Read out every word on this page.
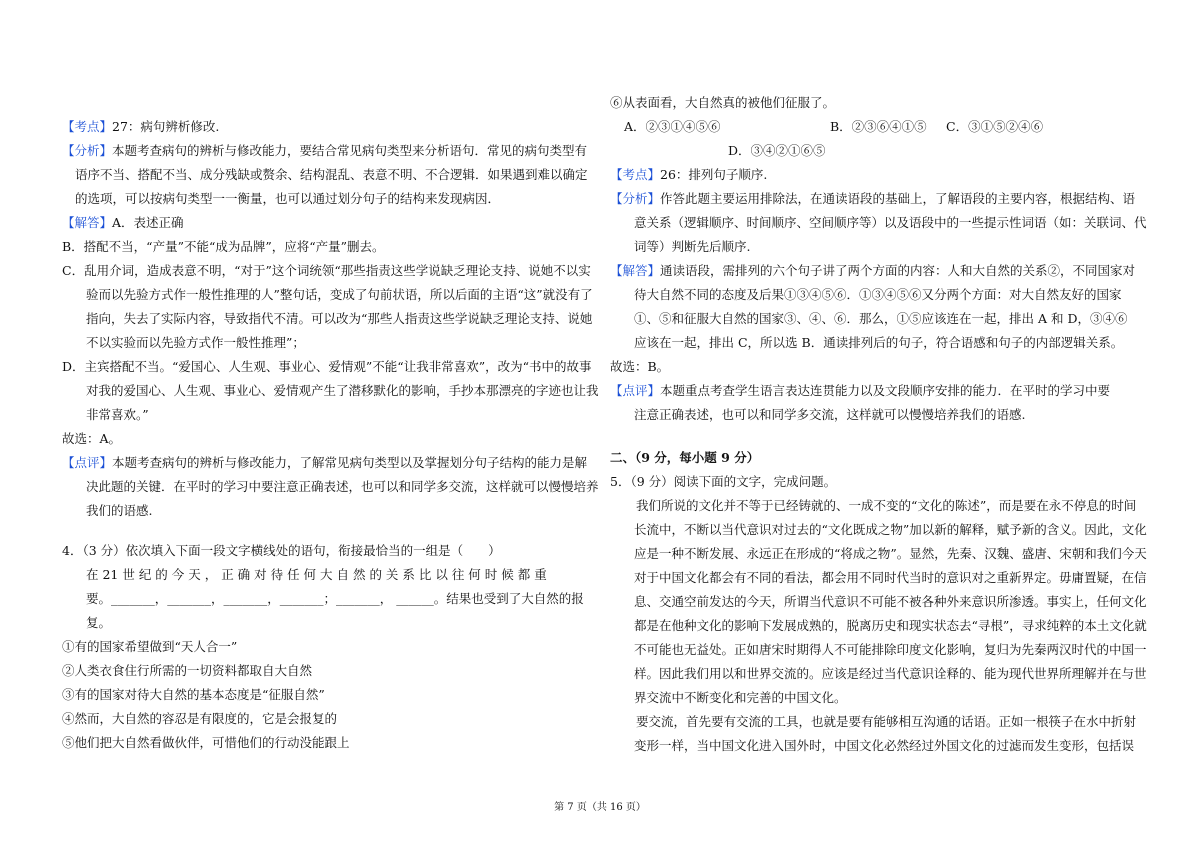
【考点】27：病句辨析修改.
【分析】本题考查病句的辨析与修改能力，要结合常见病句类型来分析语句．常见的病句类型有
语序不当、搭配不当、成分残缺或赘余、结构混乱、表意不明、不合逻辑．如果遇到难以确定
的选项，可以按病句类型一一衡量，也可以通过划分句子的结构来发现病因．
【解答】A．表述正确
B．搭配不当，“产量”不能“成为品牌”，应将“产量”删去。
C．乱用介词，造成表意不明，“对于”这个词统领“那些指责这些学说缺乏理论支持、说她不以实
验而以先验方式作一般性推理的人”整句话，变成了句前状语，所以后面的主语“这”就没有了
指向，失去了实际内容，导致指代不清。可以改为“那些人指责这些学说缺乏理论支持、说她
不以实验而以先验方式作一般性推理”；
D．主宾搭配不当。“爱国心、人生观、事业心、爱情观”不能“让我非常喜欢”，改为“书中的故事
对我的爱国心、人生观、事业心、爱情观产生了潜移默化的影响，手抄本那漂亮的字迹也让我
非常喜欢。”
故选：A。
【点评】本题考查病句的辨析与修改能力，了解常见病句类型以及掌握划分句子结构的能力是解
决此题的关键．在平时的学习中要注意正确表述，也可以和同学多交流，这样就可以慢慢培养
我们的语感.
4．（3 分）依次填入下面一段文字横线处的语句，衔接最恰当的一组是（　　）
在 21 世 纪 的 今 天 ， 正 确 对 待 任 何 大 自 然 的 关 系 比 以 往 何 时 候 都 重
要。_______，_______，_______，_______；_______， ______。结果也受到了大自然的报
复。
①有的国家希望做到“天人合一”
②人类衣食住行所需的一切资料都取自大自然
③有的国家对待大自然的基本态度是“征服自然”
④然而，大自然的容忍是有限度的，它是会报复的
⑤他们把大自然看做伙伴，可惜他们的行动没能跟上
⑥从表面看，大自然真的被他们征服了。
A．②③①④⑤⑥	B．②③⑥④①⑤ C．③①⑤②④⑥
D．③④②①⑥⑤
【考点】26：排列句子顺序.
【分析】作答此题主要运用排除法，在通读语段的基础上，了解语段的主要内容，根据结构、语
意关系（逻辑顺序、时间顺序、空间顺序等）以及语段中的一些提示性词语（如：关联词、代
词等）判断先后顺序.
【解答】通读语段，需排列的六个句子讲了两个方面的内容：人和大自然的关系②，不同国家对
待大自然不同的态度及后果①③④⑤⑥．①③④⑤⑥又分两个方面：对大自然友好的国家
①、⑤和征服大自然的国家③、④、⑥．那么，①⑤应该连在一起，排出 A 和 D，③④⑥
应该在一起，排出 C，所以选 B．通读排列后的句子，符合语感和句子的内部逻辑关系。
故选：B。
【点评】本题重点考查学生语言表达连贯能力以及文段顺序安排的能力．在平时的学习中要
注意正确表述，也可以和同学多交流，这样就可以慢慢培养我们的语感.
二、（9 分，每小题 9 分）
5．（9 分）阅读下面的文字，完成问题。
我们所说的文化并不等于已经铸就的、一成不变的“文化的陈述”，而是要在永不停息的时间
长流中，不断以当代意识对过去的“文化既成之物”加以新的解释，赋予新的含义。因此，文化
应是一种不断发展、永远正在形成的“将成之物”。显然，先秦、汉魏、盛唐、宋朝和我们今天
对于中国文化都会有不同的看法，都会用不同时代当时的意识对之重新界定。毋庸置疑，在信
息、交通空前发达的今天，所谓当代意识不可能不被各种外来意识所渗透。事实上，任何文化
都是在他种文化的影响下发展成熟的，脱离历史和现实状态去“寻根”，寻求纯粹的本土文化就
不可能也无益处。正如唐宋时期得人不可能排除印度文化影响，复归为先秦两汉时代的中国一
样。因此我们用以和世界交流的。应该是经过当代意识诠释的、能为现代世界所理解并在与世
界交流中不断变化和完善的中国文化。
要交流，首先要有交流的工具，也就是要有能够相互沟通的话语。正如一根筷子在水中折射
变形一样，当中国文化进入国外时，中国文化必然经过外国文化的过滤而发生变形，包括误
第 7 页（共 16 页）
